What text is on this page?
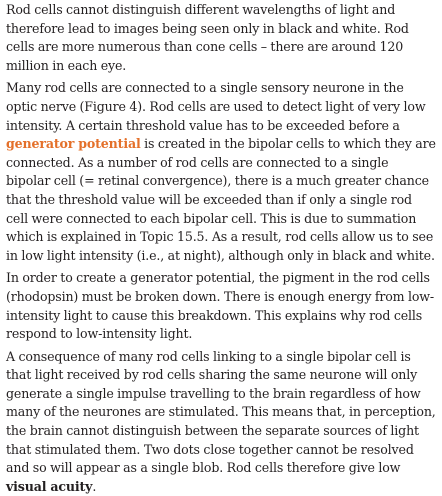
Rod cells cannot distinguish different wavelengths of light and therefore lead to images being seen only in black and white. Rod cells are more numerous than cone cells – there are around 120 million in each eye.

Many rod cells are connected to a single sensory neurone in the optic nerve (Figure 4). Rod cells are used to detect light of very low intensity. A certain threshold value has to be exceeded before a generator potential is created in the bipolar cells to which they are connected. As a number of rod cells are connected to a single bipolar cell (= retinal convergence), there is a much greater chance that the threshold value will be exceeded than if only a single rod cell were connected to each bipolar cell. This is due to summation which is explained in Topic 15.5. As a result, rod cells allow us to see in low light intensity (i.e., at night), although only in black and white.

In order to create a generator potential, the pigment in the rod cells (rhodopsin) must be broken down. There is enough energy from low-intensity light to cause this breakdown. This explains why rod cells respond to low-intensity light.

A consequence of many rod cells linking to a single bipolar cell is that light received by rod cells sharing the same neurone will only generate a single impulse travelling to the brain regardless of how many of the neurones are stimulated. This means that, in perception, the brain cannot distinguish between the separate sources of light that stimulated them. Two dots close together cannot be resolved and so will appear as a single blob. Rod cells therefore give low visual acuity.
